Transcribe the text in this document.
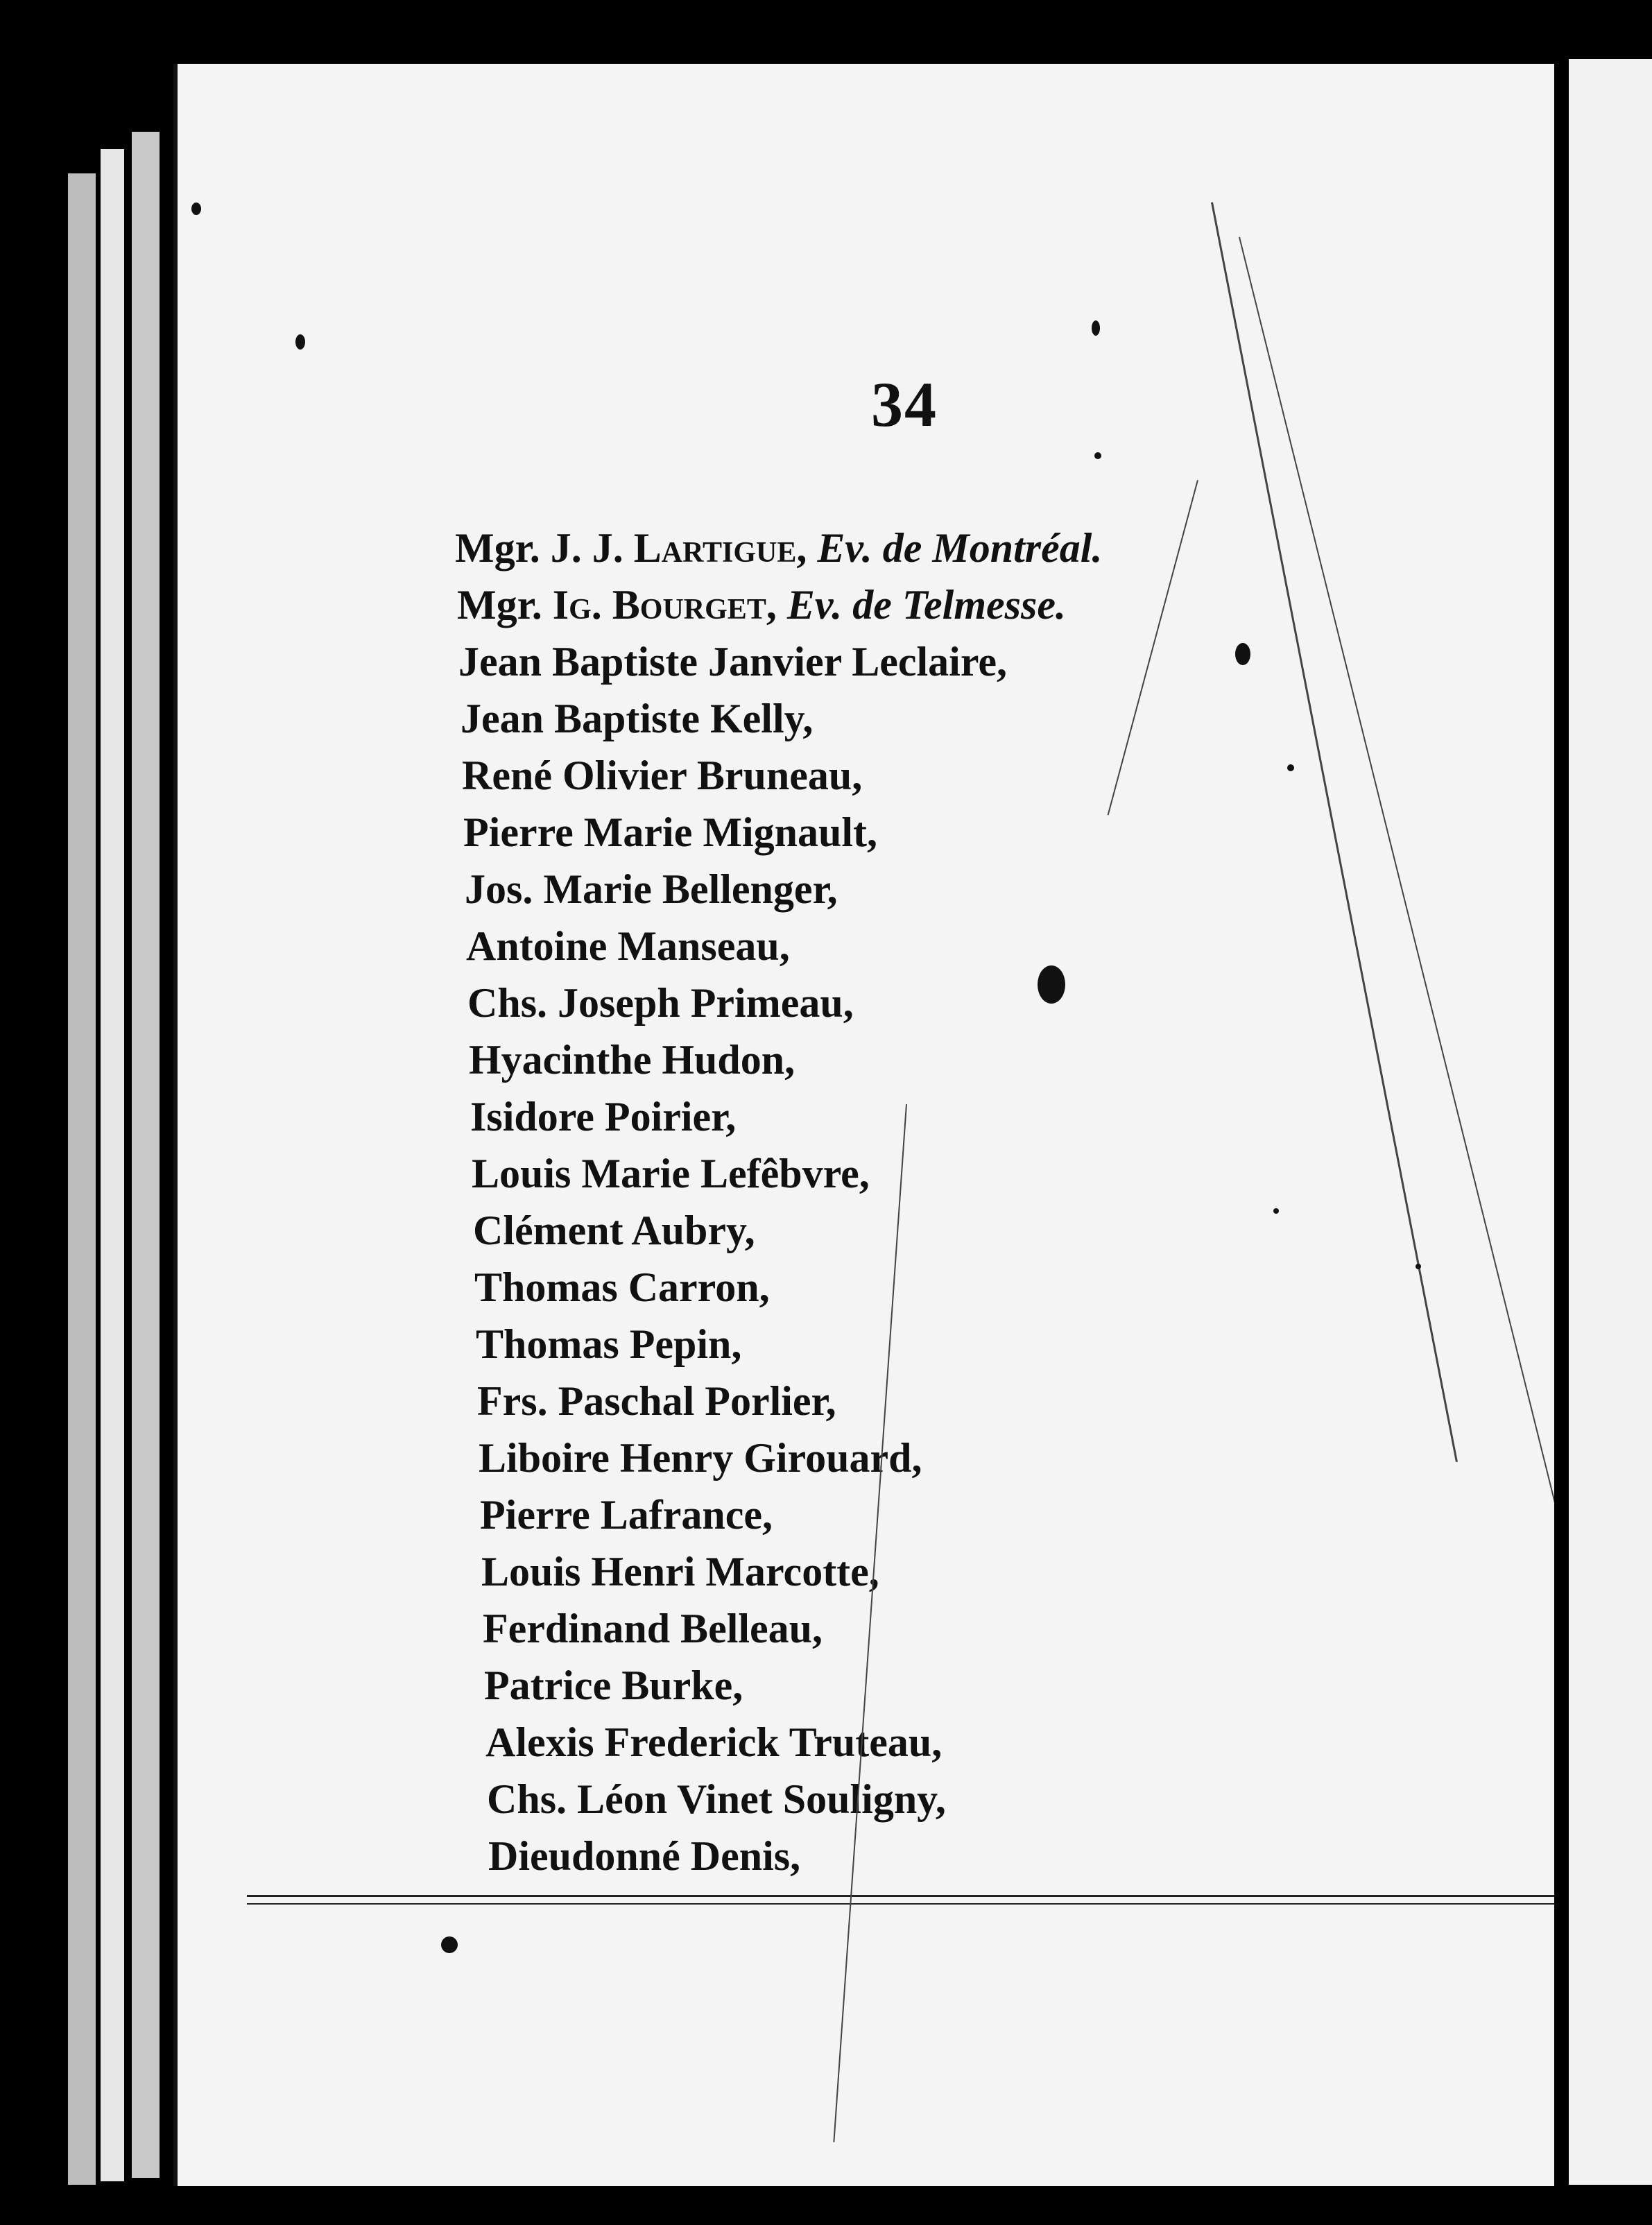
34
Mgr. J. J. Lartigue, Ev. de Montréal.
Mgr. Ig. Bourget, Ev. de Telmesse.
Jean Baptiste Janvier Leclaire,
Jean Baptiste Kelly,
René Olivier Bruneau,
Pierre Marie Mignault,
Jos. Marie Bellenger,
Antoine Manseau,
Chs. Joseph Primeau,
Hyacinthe Hudon,
Isidore Poirier,
Louis Marie Lefêbvre,
Clément Aubry,
Thomas Carron,
Thomas Pepin,
Frs. Paschal Porlier,
Liboire Henry Girouard,
Pierre Lafrance,
Louis Henri Marcotte,
Ferdinand Belleau,
Patrice Burke,
Alexis Frederick Truteau,
Chs. Léon Vinet Souligny,
Dieudonné Denis,
